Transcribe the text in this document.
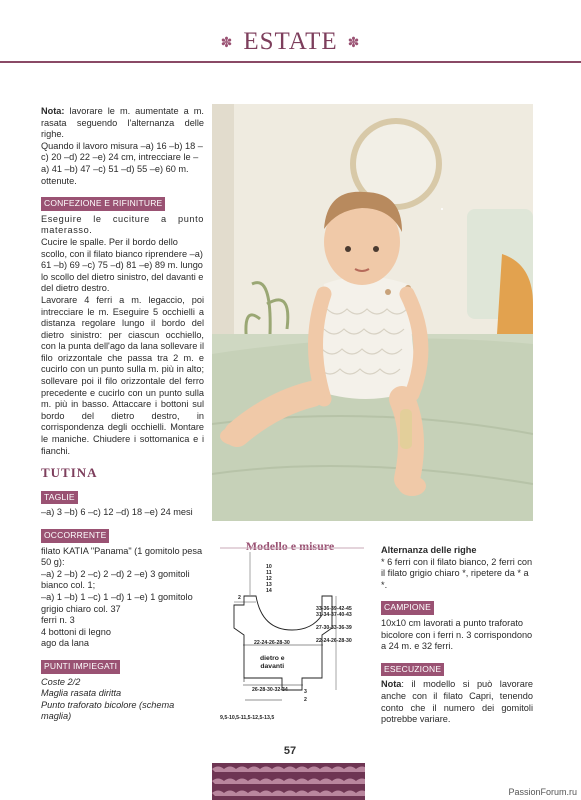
✽ ESTATE ✽

Nota: lavorare le m. aumentate a m. rasata seguendo l'alternanza delle righe.

Quando il lavoro misura –a) 16 –b) 18 –c) 20 –d) 22 –e) 24 cm, intrecciare le –a) 41 –b) 47 –c) 51 –d) 55 –e) 60 m. ottenute.

CONFEZIONE E RIFINITURE

Eseguire le cuciture a punto materasso.

Cucire le spalle. Per il bordo dello scollo, con il filato bianco riprendere –a) 61 –b) 69 –c) 75 –d) 81 –e) 89 m. lungo lo scollo del dietro sinistro, del davanti e del dietro destro.

Lavorare 4 ferri a m. legaccio, poi intrecciare le m. Eseguire 5 occhielli a distanza regolare lungo il bordo del dietro sinistro: per ciascun occhiello, con la punta dell'ago da lana sollevare il filo orizzontale che passa tra 2 m. e cucirlo con un punto sulla m. più in alto; sollevare poi il filo orizzontale del ferro precedente e cucirlo con un punto sulla m. più in basso. Attaccare i bottoni sul bordo del dietro destro, in corrispondenza degli occhielli. Montare le maniche. Chiudere i sottomanica e i fianchi.

TUTINA
TAGLIE

–a) 3 –b) 6 –c) 12 –d) 18 –e) 24 mesi

OCCORRENTE

filato KATIA "Panama" (1 gomitolo pesa 50 g):

–a) 2 –b) 2 –c) 2 –d) 2 –e) 3 gomitoli bianco col. 1;

–a) 1 –b) 1 –c) 1 –d) 1 –e) 1 gomitolo grigio chiaro col. 37

ferri n. 3

4 bottoni di legno

ago da lana

PUNTI IMPIEGATI

Coste 2/2

Maglia rasata diritta

Punto traforato bicolore (schema maglia)

Modello e misure
10
11
12
13
14
2
33-36-39-42-45
31-34-37-40-43
27-30-33-36-39
22-24-26-28-30
22-24-26-28-30
dietro e
davanti
26-28-30-32-34	3
2
9,5-10,5-11,5-12,5-13,5

Alternanza delle righe

* 6 ferri con il filato bianco, 2 ferri con il filato grigio chiaro *, ripetere da * a *.

CAMPIONE

10x10 cm lavorati a punto traforato bicolore con i ferri n. 3 corrispondono a 24 m. e 32 ferri.

ESECUZIONE

Nota: il modello si può lavorare anche con il filato Capri, tenendo conto che il numero dei gomitoli potrebbe variare.

57
PassionForum.ru
